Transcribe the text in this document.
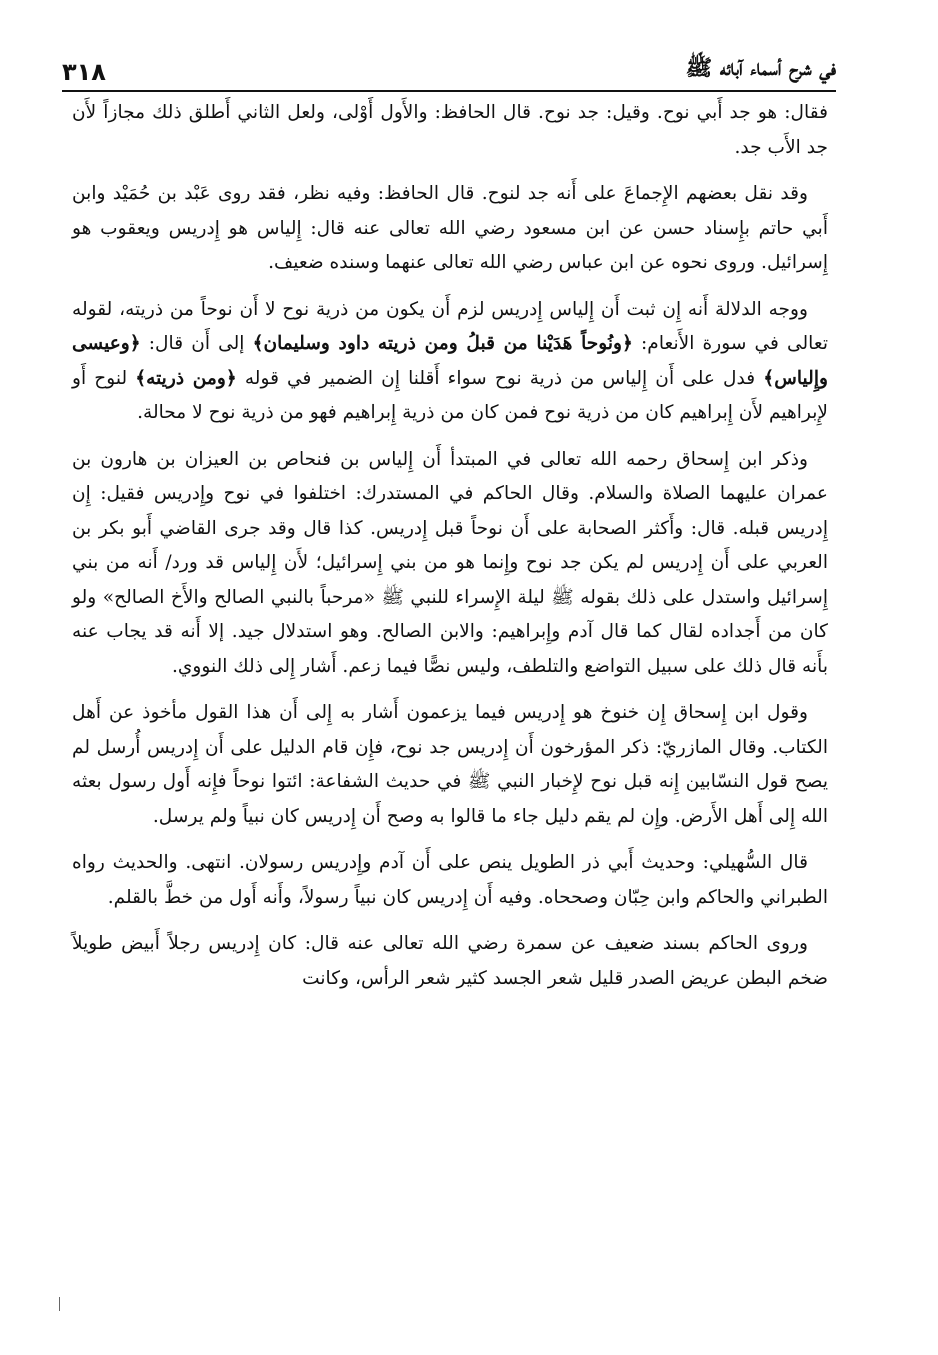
٣١٨	في شرح أسماء آبائه ﷺ

فقال: هو جد أَبي نوح. وقيل: جد نوح. قال الحافظ: والأَول أَوْلى، ولعل الثاني أَطلق ذلك مجازاً لأَن جد الأَب جد.

وقد نقل بعضهم الإِجماعَ على أَنه جد لنوح. قال الحافظ: وفيه نظر، فقد روى عَبْد بن حُمَيْد وابن أَبي حاتم بإِسناد حسن عن ابن مسعود رضي الله تعالى عنه قال: إِلياس هو إِدريس ويعقوب هو إِسرائيل. وروى نحوه عن ابن عباس رضي الله تعالى عنهما وسنده ضعيف.

ووجه الدلالة أَنه إِن ثبت أَن إِلياس إِدريس لزم أَن يكون من ذرية نوح لا أَن نوحاً من ذريته، لقوله تعالى في سورة الأَنعام: ﴿ونُوحاً هَدَيْنا من قبلُ ومن ذريته داود وسليمان﴾ إلى أَن قال: ﴿وعيسى وإِلياس﴾ فدل على أَن إِلياس من ذرية نوح سواء أَقلنا إِن الضمير في قوله ﴿ومن ذريته﴾ لنوح أَو لإِبراهيم لأَن إِبراهيم كان من ذرية نوح فمن كان من ذرية إِبراهيم فهو من ذرية نوح لا محالة.

وذكر ابن إِسحاق رحمه الله تعالى في المبتدأ أَن إِلياس بن فنحاص بن العيزان بن هارون بن عمران عليهما الصلاة والسلام. وقال الحاكم في المستدرك: اختلفوا في نوح وإِدريس فقيل: إِن إِدريس قبله. قال: وأَكثر الصحابة على أَن نوحاً قبل إِدريس. كذا قال وقد جرى القاضي أَبو بكر بن العربي على أَن إِدريس لم يكن جد نوح وإِنما هو من بني إِسرائيل؛ لأَن إِلياس قد ورد/ أَنه من بني إِسرائيل واستدل على ذلك بقوله ﷺ ليلة الإِسراء للنبي ﷺ «مرحباً بالنبي الصالح والأَخ الصالح» ولو كان من أَجداده لقال كما قال آدم وإِبراهيم: والابن الصالح. وهو استدلال جيد. إلا أَنه قد يجاب عنه بأَنه قال ذلك على سبيل التواضع والتلطف، وليس نصًّا فيما زعم. أَشار إِلى ذلك النووي.

وقول ابن إِسحاق إِن خنوخ هو إِدريس فيما يزعمون أَشار به إِلى أَن هذا القول مأخوذ عن أَهل الكتاب. وقال المازريّ: ذكر المؤرخون أَن إِدريس جد نوح، فإِن قام الدليل على أَن إِدريس أُرسل لم يصح قول النسّابين إِنه قبل نوح لإِخبار النبي ﷺ في حديث الشفاعة: ائتوا نوحاً فإِنه أَول رسول بعثه الله إِلى أَهل الأَرض. وإِن لم يقم دليل جاء ما قالوا به وصح أَن إِدريس كان نبياً ولم يرسل.

قال السُّهيلي: وحديث أَبي ذر الطويل ينص على أَن آدم وإِدريس رسولان. انتهى. والحديث رواه الطبراني والحاكم وابن حِبّان وصححاه. وفيه أَن إِدريس كان نبياً رسولاً، وأَنه أَول من خطَّ بالقلم.

وروى الحاكم بسند ضعيف عن سمرة رضي الله تعالى عنه قال: كان إِدريس رجلاً أَبيض طويلاً ضخم البطن عريض الصدر قليل شعر الجسد كثير شعر الرأس، وكانت
